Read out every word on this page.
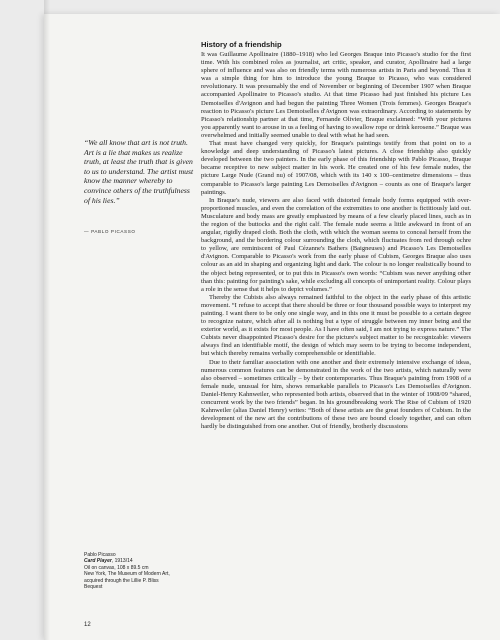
“We all know that art is not truth. Art is a lie that makes us realize truth, at least the truth that is given to us to understand. The artist must know the manner whereby to convince others of the truthfulness of his lies.”
— PABLO PICASSO
Pablo Picasso
Card Player, 1913/14
Oil on canvas, 108 x 89.5 cm
New York, The Museum of Modern Art,
acquired through the Lillie P. Bliss
Bequest
12
History of a friendship

It was Guillaume Apollinaire (1880–1918) who led Georges Braque into Picasso's studio for the first time. With his combined roles as journalist, art critic, speaker, and curator, Apollinaire had a large sphere of influence and was also on friendly terms with numerous artists in Paris and beyond. Thus it was a simple thing for him to introduce the young Braque to Picasso, who was considered revolutionary. It was presumably the end of November or beginning of December 1907 when Braque accompanied Apollinaire to Picasso's studio. At that time Picasso had just finished his picture Les Demoiselles d'Avignon and had begun the painting Three Women (Trois femmes). Georges Braque's reaction to Picasso's picture Les Demoiselles d'Avignon was extraordinary. According to statements by Picasso's relationship partner at that time, Fernande Olivier, Braque exclaimed: “With your pictures you apparently want to arouse in us a feeling of having to swallow rope or drink kerosene.” Braque was overwhelmed and initially seemed unable to deal with what he had seen.

That must have changed very quickly, for Braque's paintings testify from that point on to a knowledge and deep understanding of Picasso's latest pictures. A close friendship also quickly developed between the two painters. In the early phase of this friendship with Pablo Picasso, Braque became receptive to new subject matter in his work. He created one of his few female nudes, the picture Large Nude (Grand nu) of 1907/08, which with its 140 x 100–centimetre dimensions – thus comparable to Picasso's large painting Les Demoiselles d'Avignon – counts as one of Braque's larger paintings.

In Braque's nude, viewers are also faced with distorted female body forms equipped with over-proportioned muscles, and even the correlation of the extremities to one another is fictitiously laid out. Musculature and body mass are greatly emphasized by means of a few clearly placed lines, such as in the region of the buttocks and the right calf. The female nude seems a little awkward in front of an angular, rigidly draped cloth. Both the cloth, with which the woman seems to conceal herself from the background, and the bordering colour surrounding the cloth, which fluctuates from red through ochre to yellow, are reminiscent of Paul Cézanne's Bathers (Baigneuses) and Picasso's Les Demoiselles d'Avignon. Comparable to Picasso's work from the early phase of Cubism, Georges Braque also uses colour as an aid in shaping and organizing light and dark. The colour is no longer realistically bound to the object being represented, or to put this in Picasso's own words: “Cubism was never anything other than this: painting for painting's sake, while excluding all concepts of unimportant reality. Colour plays a role in the sense that it helps to depict volumes.”

Thereby the Cubists also always remained faithful to the object in the early phase of this artistic movement. “I refuse to accept that there should be three or four thousand possible ways to interpret my painting. I want there to be only one single way, and in this one it must be possible to a certain degree to recognize nature, which after all is nothing but a type of struggle between my inner being and the exterior world, as it exists for most people. As I have often said, I am not trying to express nature.” The Cubists never disappointed Picasso's desire for the picture's subject matter to be recognizable: viewers always find an identifiable motif, the design of which may seem to be trying to become independent, but which thereby remains verbally comprehensible or identifiable.

Due to their familiar association with one another and their extremely intensive exchange of ideas, numerous common features can be demonstrated in the work of the two artists, which naturally were also observed – sometimes critically – by their contemporaries. Thus Braque's painting from 1908 of a female nude, unusual for him, shows remarkable parallels to Picasso's Les Demoiselles d'Avignon. Daniel-Henry Kahnweiler, who represented both artists, observed that in the winter of 1908/09 “shared, concurrent work by the two friends” began. In his groundbreaking work The Rise of Cubism of 1920 Kahnweiler (alias Daniel Henry) writes: “Both of these artists are the great founders of Cubism. In the development of the new art the contributions of these two are bound closely together, and can often hardly be distinguished from one another. Out of friendly, brotherly discussions
